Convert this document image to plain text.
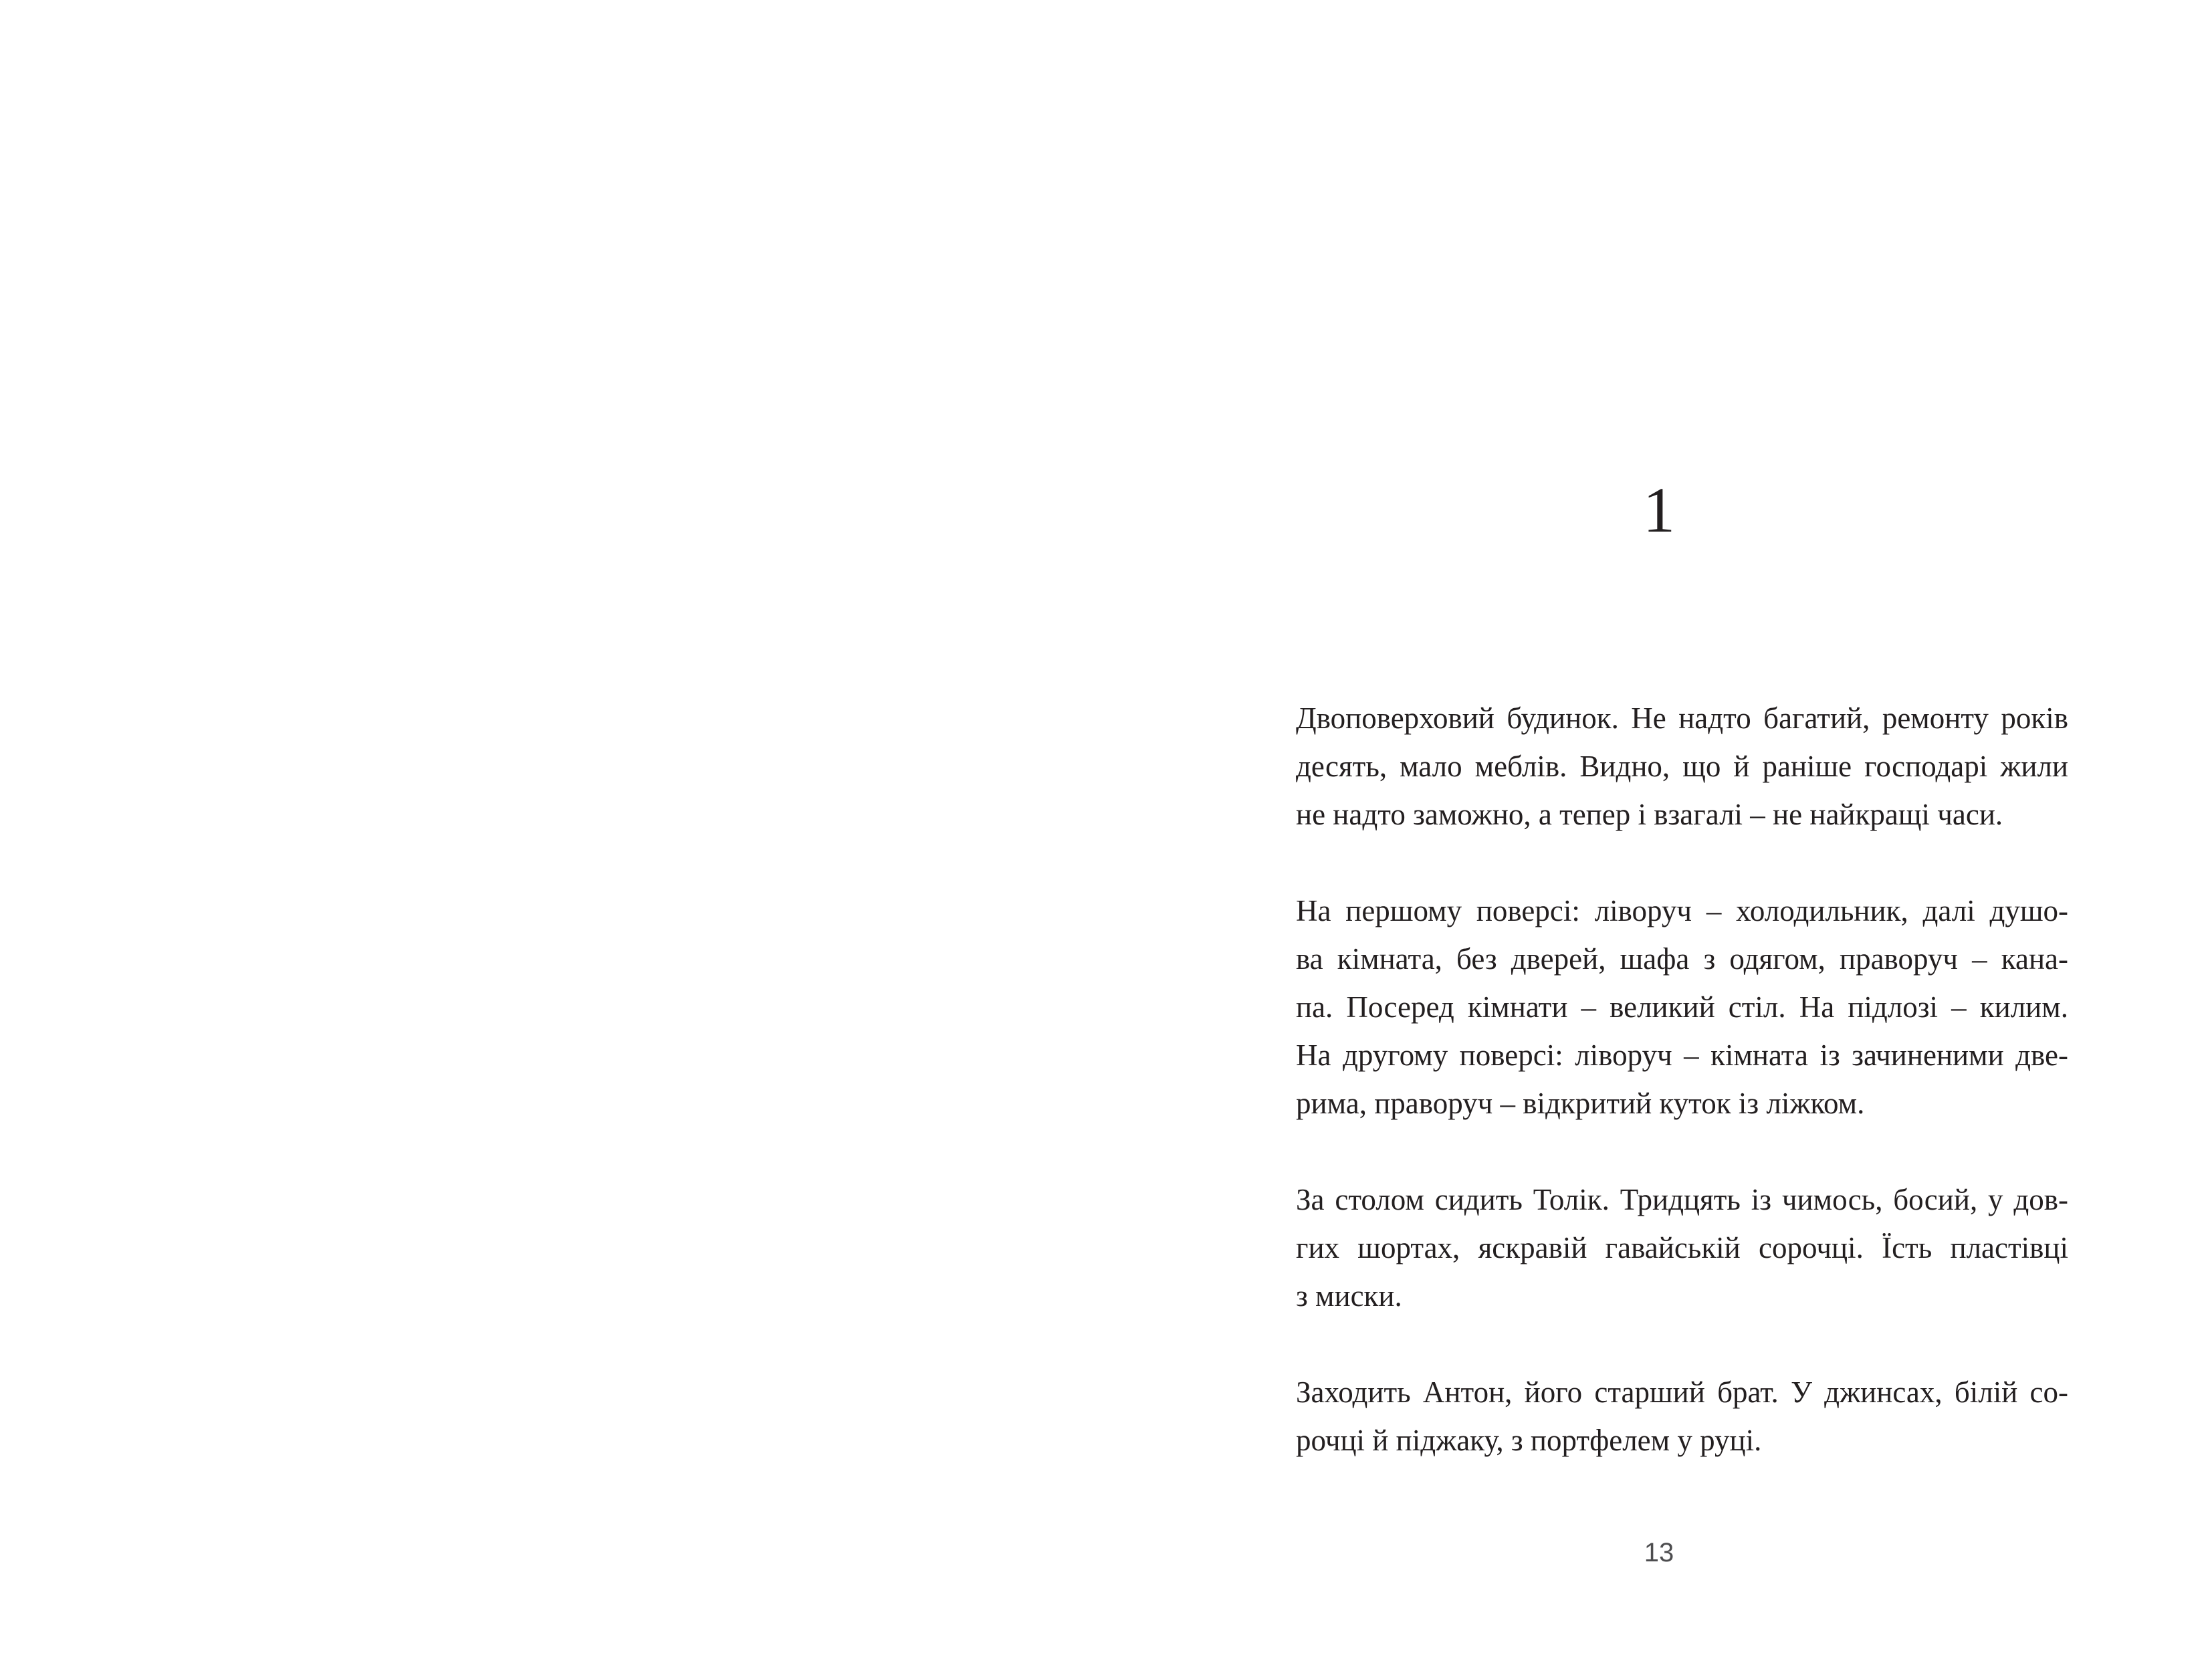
1
Двоповерховий будинок. Не надто багатий, ремонту років
десять, мало меблів. Видно, що й раніше господарі жили
не надто заможно, а тепер і взагалі – не найкращі часи.
На першому поверсі: ліворуч – холодильник, далі душо-
ва кімната, без дверей, шафа з одягом, праворуч – кана-
па. Посеред кімнати – великий стіл. На підлозі – килим.
На другому поверсі: ліворуч – кімната із зачиненими две-
рима, праворуч – відкритий куток із ліжком.
За столом сидить Толік. Тридцять із чимось, босий, у дов-
гих шортах, яскравій гавайській сорочці. Їсть пластівці
з миски.
Заходить Антон, його старший брат. У джинсах, білій со-
рочці й піджаку, з портфелем у руці.
13
